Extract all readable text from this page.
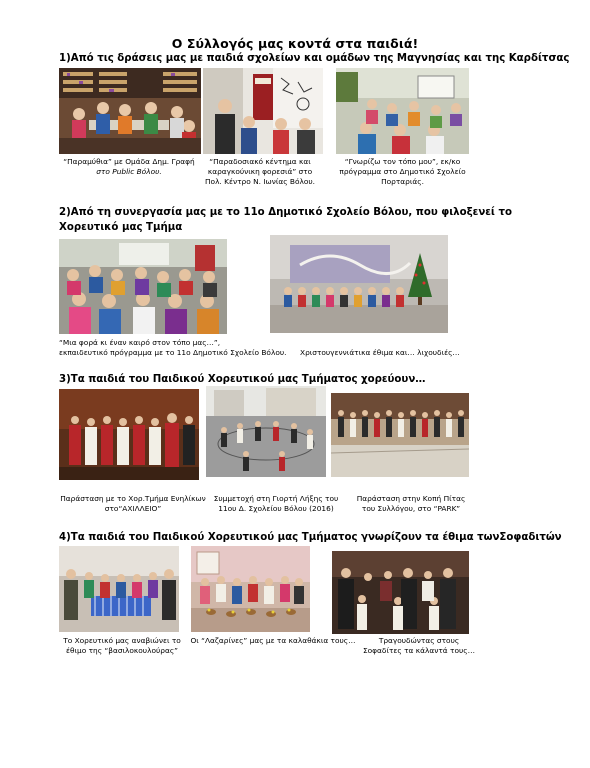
Ο Σύλλογός μας κοντά στα παιδιά!
1)Από τις δράσεις μας με παιδιά σχολείων και ομάδων της Μαγνησίας και της Καρδίτσας
“Παραμύθια” με Ομάδα Δημ. Γραφή
στο Public Βόλου.
“Παραδοσιακό κέντημα και
καραγκούνικη φορεσιά” στο
Πολ. Κέντρο Ν. Ιωνίας Βόλου.
“Γνωρίζω τον τόπο μου”, εκ/κο
πρόγραμμα στο Δημοτικό Σχολείο
Πορταριάς.
2)Από τη συνεργασία μας με το 11ο Δημοτικό Σχολείο Βόλου, που φιλοξενεί το
Χορευτικό μας Τμήμα
“Μια φορά κι έναν καιρό στον τόπο μας…”,
εκπαιδευτικό πρόγραμμα με το 11ο Δημοτικό Σχολείο Βόλου.	Χριστουγεννιάτικα έθιμα και… λιχουδιές…
3)Τα παιδιά του Παιδικού Χορευτικού μας Τμήματος χορεύουν…
Παράσταση με το Χορ.Τμήμα Ενηλίκων
στο“ΑΧΙΛΛΕΙΟ”
Συμμετοχή στη Γιορτή Λήξης του
11ου Δ. Σχολείου Βόλου (2016)
Παράσταση στην Κοπή Πίτας
του Συλλόγου, στο “PARK”
4)Τα παιδιά του Παιδικού Χορευτικού μας Τμήματος γνωρίζουν τα έθιμα τωνΣοφαδιτών
Το Χορευτικό μας αναβιώνει το
έθιμο της “βασιλοκουλούρας”
Οι “Λαζαρίνες” μας με τα καλαθάκια τους…	Τραγουδώντας στους
Σοφαδίτες τα κάλαντά τους…
